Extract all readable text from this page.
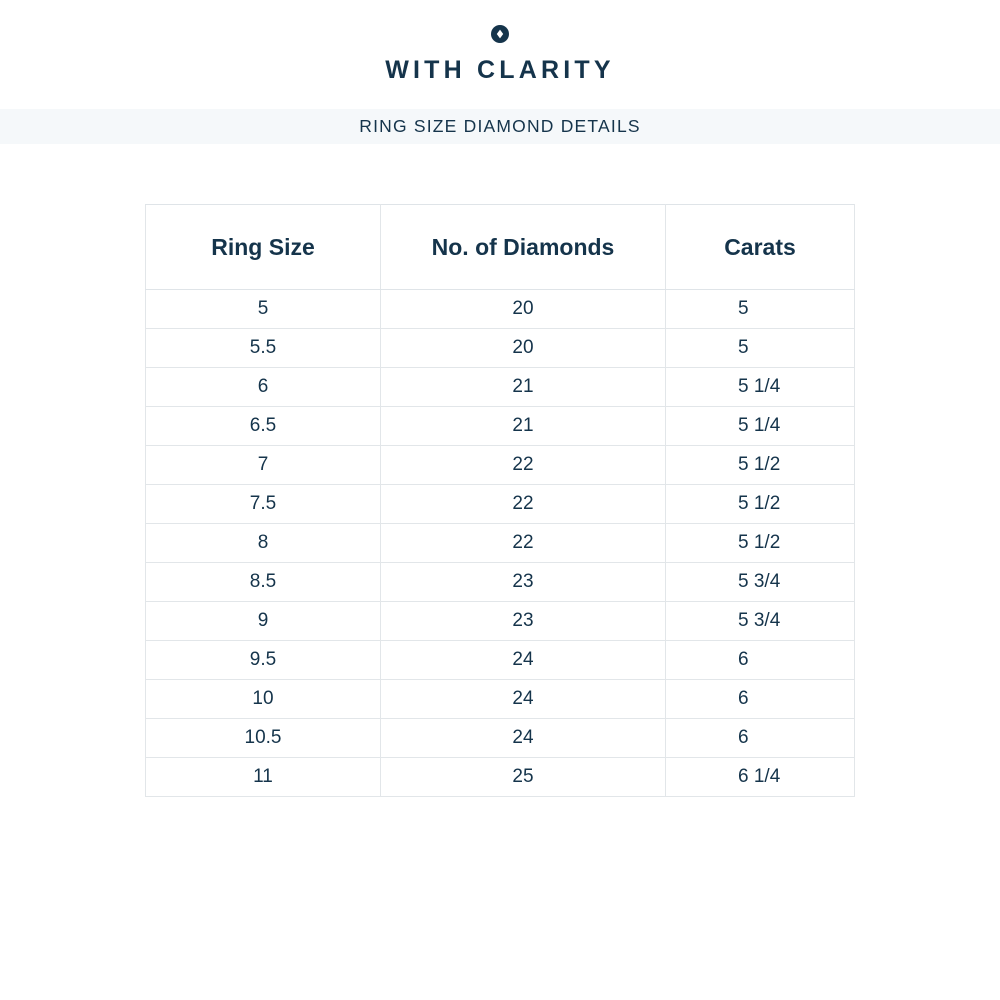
WITH CLARITY
RING SIZE DIAMOND DETAILS
Ring Size	No. of Diamonds	Carats
5	20	5
5.5	20	5
6	21	5 1/4
6.5	21	5 1/4
7	22	5 1/2
7.5	22	5 1/2
8	22	5 1/2
8.5	23	5 3/4
9	23	5 3/4
9.5	24	6
10	24	6
10.5	24	6
11	25	6 1/4
